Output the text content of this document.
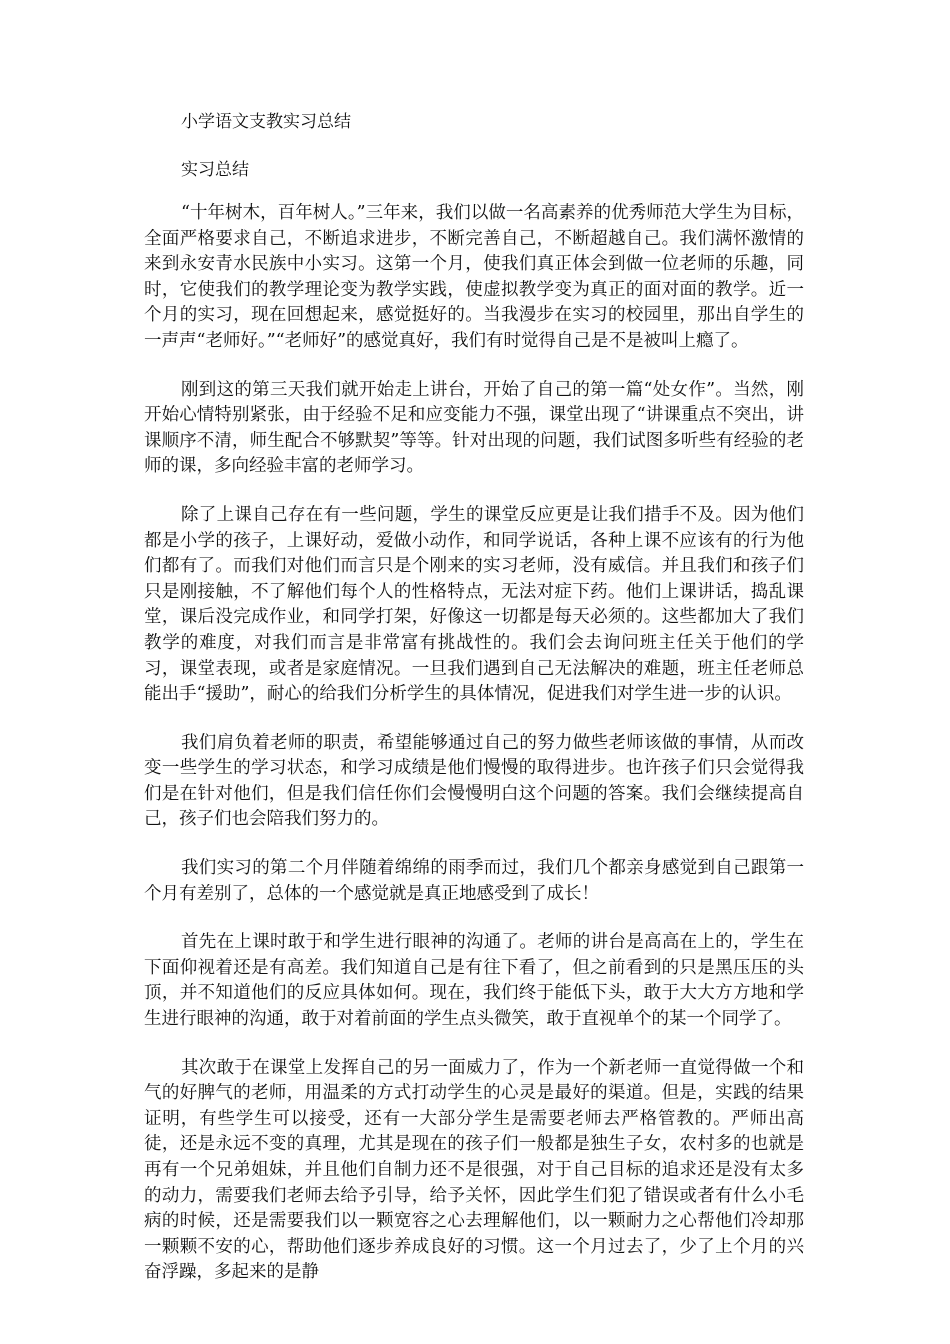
小学语文支教实习总结

实习总结

“十年树木，百年树人。”三年来，我们以做一名高素养的优秀师范大学生为目标，全面严格要求自己，不断追求进步，不断完善自己，不断超越自己。我们满怀激情的来到永安青水民族中小实习。这第一个月，使我们真正体会到做一位老师的乐趣，同时，它使我们的教学理论变为教学实践，使虚拟教学变为真正的面对面的教学。近一个月的实习，现在回想起来，感觉挺好的。当我漫步在实习的校园里，那出自学生的一声声“老师好。”“老师好”的感觉真好，我们有时觉得自己是不是被叫上瘾了。

刚到这的第三天我们就开始走上讲台，开始了自己的第一篇“处女作”。当然，刚开始心情特别紧张，由于经验不足和应变能力不强，课堂出现了“讲课重点不突出，讲课顺序不清，师生配合不够默契”等等。针对出现的问题，我们试图多听些有经验的老师的课，多向经验丰富的老师学习。

除了上课自己存在有一些问题，学生的课堂反应更是让我们措手不及。因为他们都是小学的孩子，上课好动，爱做小动作，和同学说话，各种上课不应该有的行为他们都有了。而我们对他们而言只是个刚来的实习老师，没有威信。并且我们和孩子们只是刚接触，不了解他们每个人的性格特点，无法对症下药。他们上课讲话，捣乱课堂，课后没完成作业，和同学打架，好像这一切都是每天必须的。这些都加大了我们教学的难度，对我们而言是非常富有挑战性的。我们会去询问班主任关于他们的学习，课堂表现，或者是家庭情况。一旦我们遇到自己无法解决的难题，班主任老师总能出手“援助”，耐心的给我们分析学生的具体情况，促进我们对学生进一步的认识。

我们肩负着老师的职责，希望能够通过自己的努力做些老师该做的事情，从而改变一些学生的学习状态，和学习成绩是他们慢慢的取得进步。也许孩子们只会觉得我们是在针对他们，但是我们信任你们会慢慢明白这个问题的答案。我们会继续提高自己，孩子们也会陪我们努力的。

我们实习的第二个月伴随着绵绵的雨季而过，我们几个都亲身感觉到自己跟第一个月有差别了，总体的一个感觉就是真正地感受到了成长！

首先在上课时敢于和学生进行眼神的沟通了。老师的讲台是高高在上的，学生在下面仰视着还是有高差。我们知道自己是有往下看了，但之前看到的只是黑压压的头顶，并不知道他们的反应具体如何。现在，我们终于能低下头，敢于大大方方地和学生进行眼神的沟通，敢于对着前面的学生点头微笑，敢于直视单个的某一个同学了。

其次敢于在课堂上发挥自己的另一面威力了，作为一个新老师一直觉得做一个和气的好脾气的老师，用温柔的方式打动学生的心灵是最好的渠道。但是，实践的结果证明，有些学生可以接受，还有一大部分学生是需要老师去严格管教的。严师出高徒，还是永远不变的真理，尤其是现在的孩子们一般都是独生子女，农村多的也就是再有一个兄弟姐妹，并且他们自制力还不是很强，对于自己目标的追求还是没有太多的动力，需要我们老师去给予引导，给予关怀，因此学生们犯了错误或者有什么小毛病的时候，还是需要我们以一颗宽容之心去理解他们，以一颗耐力之心帮他们冷却那一颗颗不安的心，帮助他们逐步养成良好的习惯。这一个月过去了，少了上个月的兴奋浮躁，多起来的是静
